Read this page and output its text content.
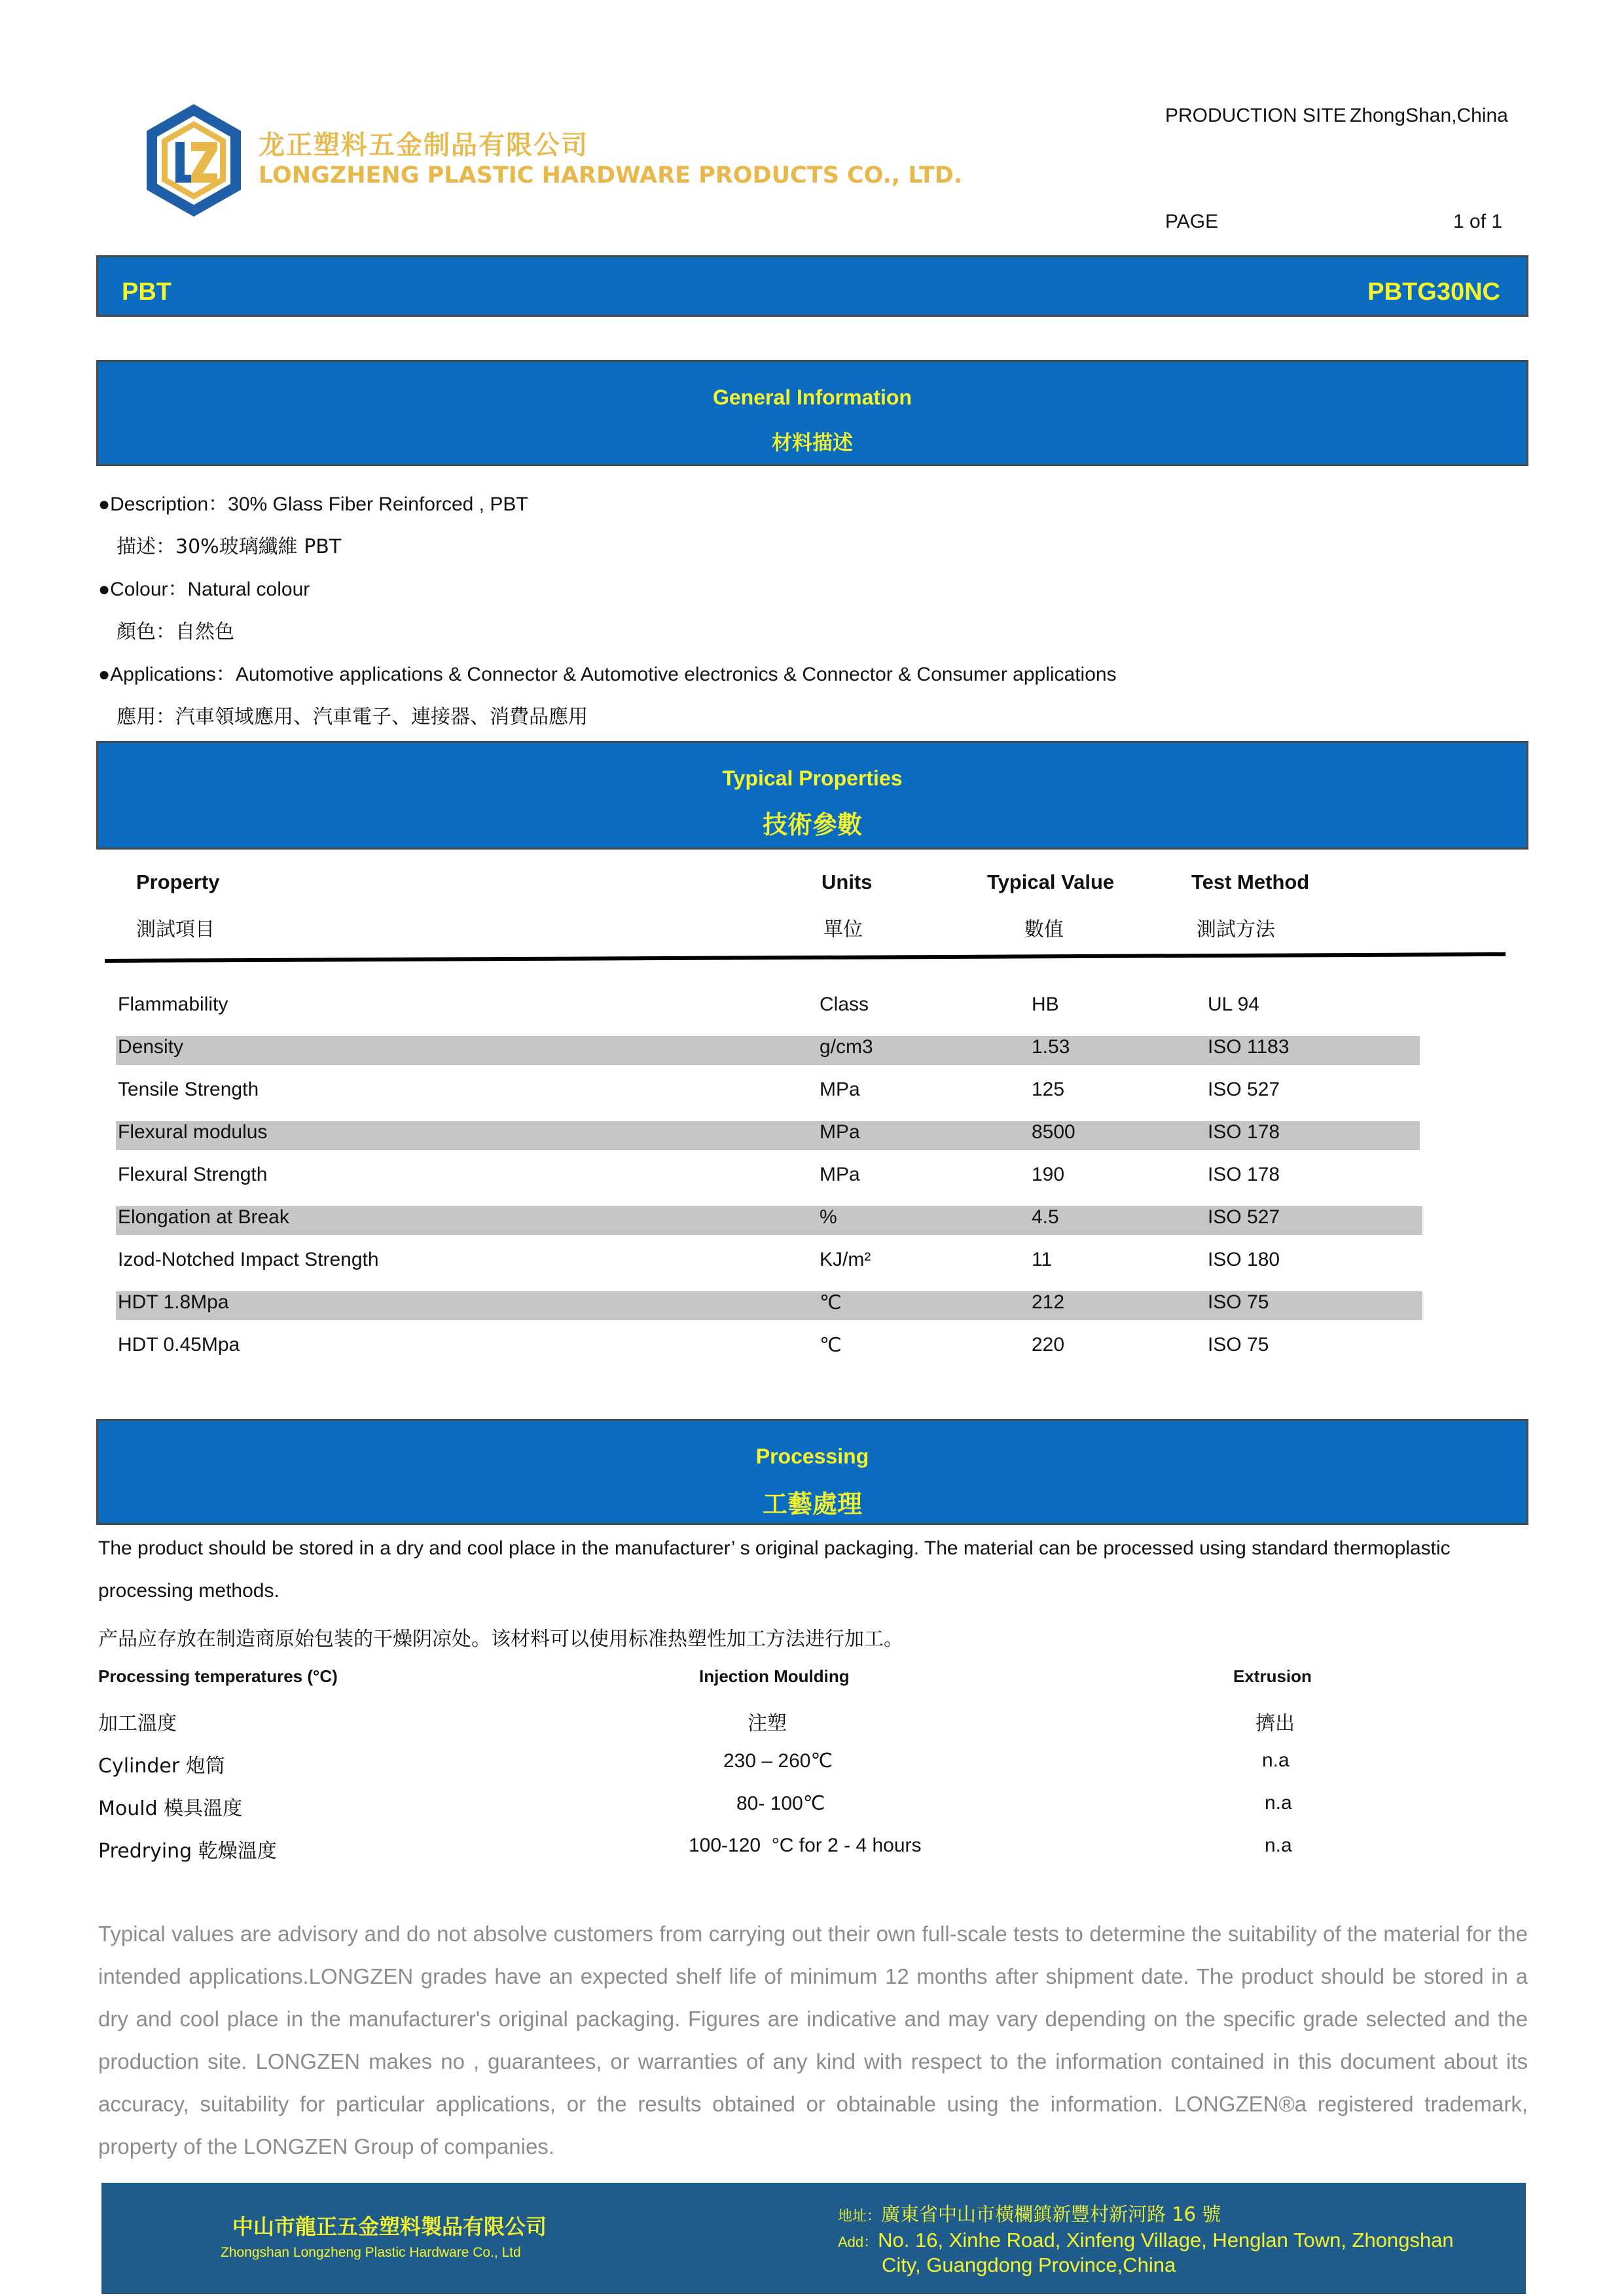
龙正塑料五金制品有限公司
LONGZHENG PLASTIC HARDWARE PRODUCTS CO., LTD.
PRODUCTION SITE ZhongShan,China
PAGE	1 of 1
PBT	PBTG30NC
General Information
材料描述
●Description：30% Glass Fiber Reinforced , PBT
描述：30%玻璃纖維 PBT
●Colour：Natural colour
顏色：自然色
●Applications：Automotive applications & Connector & Automotive electronics & Connector & Consumer applications
應用：汽車領域應用、汽車電子、連接器、消費品應用
Typical Properties
技術參數
Property	Units	Typical Value	Test Method
測試項目	單位	數值	測試方法
Flammability	Class	HB	UL 94
Density	g/cm3	1.53	ISO 1183
Tensile Strength	MPa	125	ISO 527
Flexural modulus	MPa	8500	ISO 178
Flexural Strength	MPa	190	ISO 178
Elongation at Break	%	4.5	ISO 527
Izod-Notched Impact Strength	KJ/m²	11	ISO 180
HDT 1.8Mpa	℃	212	ISO 75
HDT 0.45Mpa	℃	220	ISO 75
Processing
工藝處理
The product should be stored in a dry and cool place in the manufacturer’ s original packaging. The material can be processed using standard thermoplastic
processing methods.
产品应存放在制造商原始包装的干燥阴凉处。该材料可以使用标准热塑性加工方法进行加工。
Processing temperatures (°C)	Injection Moulding	Extrusion
加工溫度	注塑	擠出
Cylinder 炮筒	230 – 260℃	n.a
Mould 模具溫度	80- 100℃	n.a
Predrying 乾燥溫度	100-120  °C for 2 - 4 hours	n.a
Typical values are advisory and do not absolve customers from carrying out their own full-scale tests to determine the suitability of the material for the intended applications.LONGZEN grades have an expected shelf life of minimum 12 months after shipment date. The product should be stored in a dry and cool place in the manufacturer's original packaging. Figures are indicative and may vary depending on the specific grade selected and the production site. LONGZEN makes no , guarantees, or warranties of any kind with respect to the information contained in this document about its accuracy, suitability for particular applications, or the results obtained or obtainable using the information. LONGZEN®a registered trademark, property of the LONGZEN Group of companies.
中山市龍正五金塑料製品有限公司
Zhongshan Longzheng Plastic Hardware Co., Ltd
地址：廣東省中山市橫欄鎮新豐村新河路 16 號
Add：No. 16, Xinhe Road, Xinfeng Village, Henglan Town, Zhongshan
City, Guangdong Province,China
